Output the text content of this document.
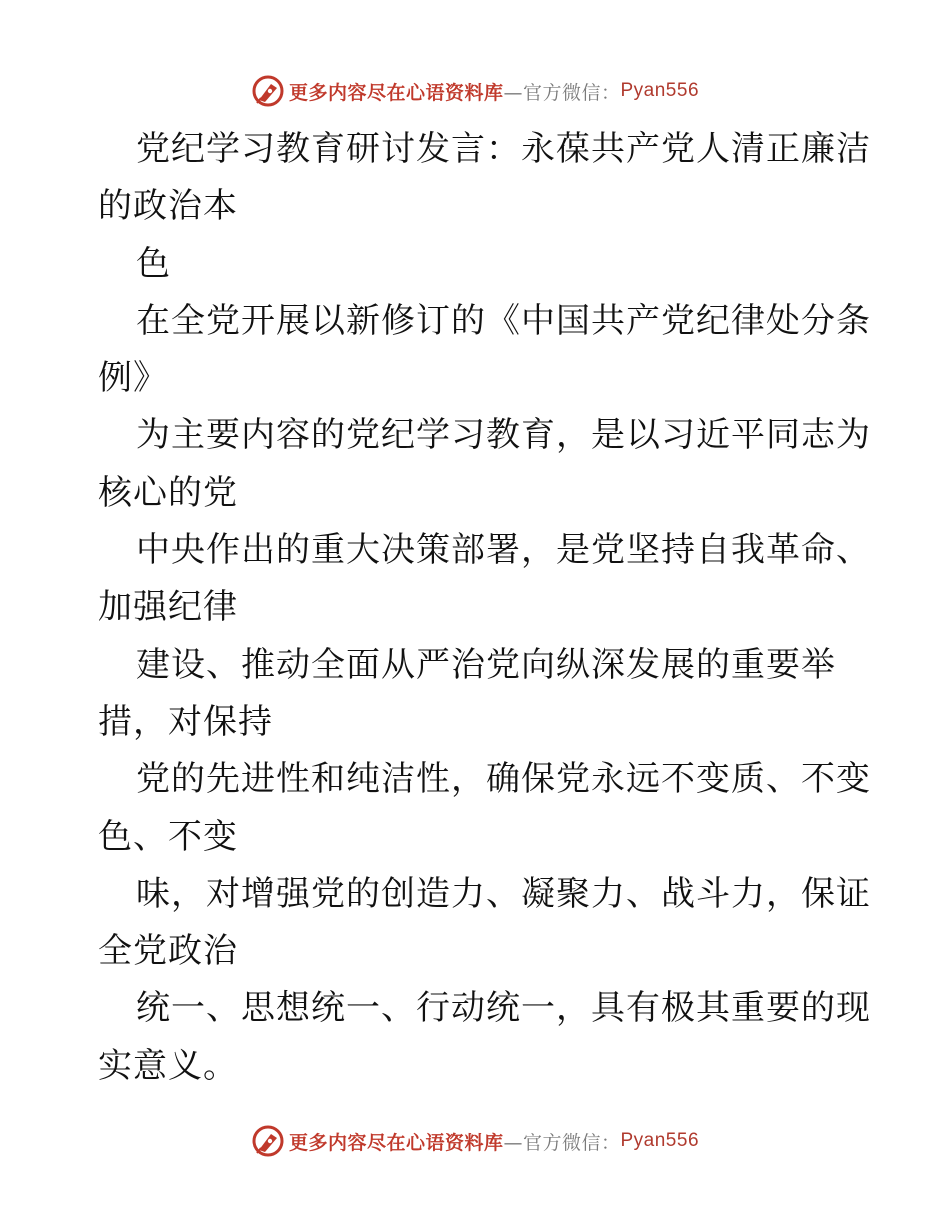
更多内容尽在心语资料库 —官方微信： Pyan556
党纪学习教育研讨发言：永葆共产党人清正廉洁
的政治本
色
在全党开展以新修订的《中国共产党纪律处分条
例》
为主要内容的党纪学习教育，是以习近平同志为
核心的党
中央作出的重大决策部署，是党坚持自我革命、
加强纪律
建设、推动全面从严治党向纵深发展的重要举
措，对保持
党的先进性和纯洁性，确保党永远不变质、不变
色、不变
味，对增强党的创造力、凝聚力、战斗力，保证
全党政治
统一、思想统一、行动统一，具有极其重要的现
实意义。
更多内容尽在心语资料库 —官方微信： Pyan556
